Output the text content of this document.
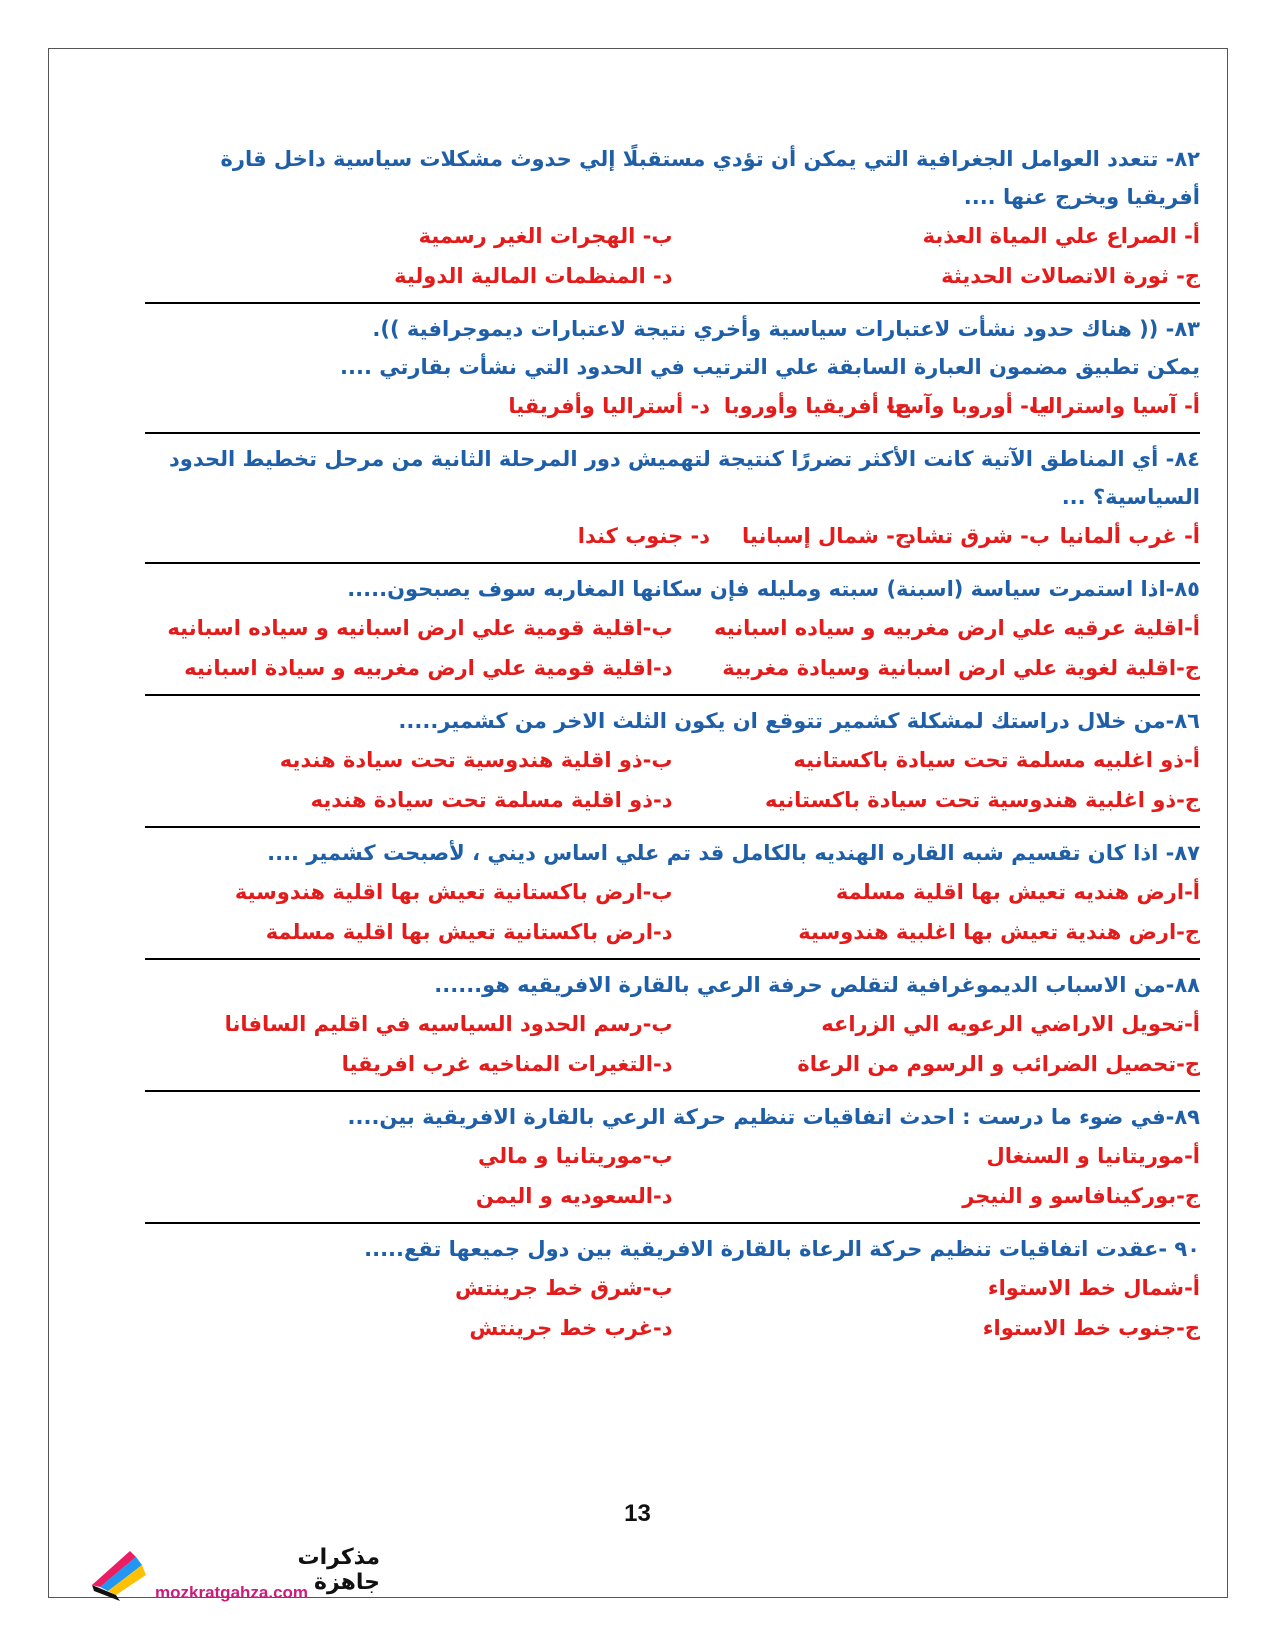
٨٢- تتعدد العوامل الجغرافية التي يمكن أن تؤدي مستقبلًا إلي حدوث مشكلات سياسية داخل قارة أفريقيا ويخرج عنها ....
أ- الصراع علي المياة العذبة
ب- الهجرات الغير رسمية
ج- ثورة الاتصالات الحديثة
د- المنظمات المالية الدولية
٨٣- (( هناك حدود نشأت لاعتبارات سياسية وأخري نتيجة لاعتبارات ديموجرافية )).
يمكن تطبيق مضمون العبارة السابقة علي الترتيب في الحدود التي نشأت بقارتي ....
أ- آسيا واستراليا
ب- أوروبا وآسيا
ج- أفريقيا وأوروبا
د- أستراليا وأفريقيا
٨٤- أي المناطق الآتية كانت الأكثر تضررًا كنتيجة لتهميش دور المرحلة الثانية من مرحل تخطيط الحدود السياسية؟ ...
أ- غرب ألمانيا
ب- شرق تشاد
ج- شمال إسبانيا
د- جنوب كندا
٨٥-اذا استمرت سياسة (اسبنة) سبته ومليله فإن سكانها المغاربه سوف يصبحون.....
أ-اقلية عرقيه علي ارض مغربيه و سياده اسبانيه
ب-اقلية قومية علي ارض اسبانيه و سياده اسبانيه
ج-اقلية لغوية علي ارض اسبانية وسيادة مغربية
د-اقلية قومية علي ارض مغربيه و سيادة اسبانيه
٨٦-من خلال دراستك لمشكلة كشمير تتوقع ان يكون الثلث الاخر من كشمير.....
أ-ذو اغلبيه مسلمة تحت سيادة باكستانيه
ب-ذو اقلية هندوسية تحت سيادة هنديه
ج-ذو اغلبية هندوسية تحت سيادة باكستانيه
د-ذو اقلية مسلمة تحت سيادة هنديه
٨٧- اذا كان تقسيم شبه القاره الهنديه بالكامل قد تم علي اساس ديني ، لأصبحت كشمير ....
أ-ارض هنديه تعيش بها اقلية مسلمة
ب-ارض باكستانية تعيش بها اقلية هندوسية
ج-ارض هندية تعيش بها اغلبية هندوسية
د-ارض باكستانية تعيش بها اقلية مسلمة
٨٨-من الاسباب الديموغرافية لتقلص حرفة الرعي بالقارة الافريقيه هو......
أ-تحويل الاراضي الرعويه الي الزراعه
ب-رسم الحدود السياسيه في اقليم السافانا
ج-تحصيل الضرائب و الرسوم من الرعاة
د-التغيرات المناخيه غرب افريقيا
٨٩-في ضوء ما درست : احدث اتفاقيات تنظيم حركة الرعي بالقارة الافريقية بين....
أ-موريتانيا و السنغال
ب-موريتانيا و مالي
ج-بوركينافاسو و النيجر
د-السعوديه و اليمن
٩٠ -عقدت اتفاقيات تنظيم حركة الرعاة بالقارة الافريقية بين دول جميعها تقع.....
أ-شمال خط الاستواء
ب-شرق خط جرينتش
ج-جنوب خط الاستواء
د-غرب خط جرينتش
13
مذكرات جاهزة
mozkratgahza.com
